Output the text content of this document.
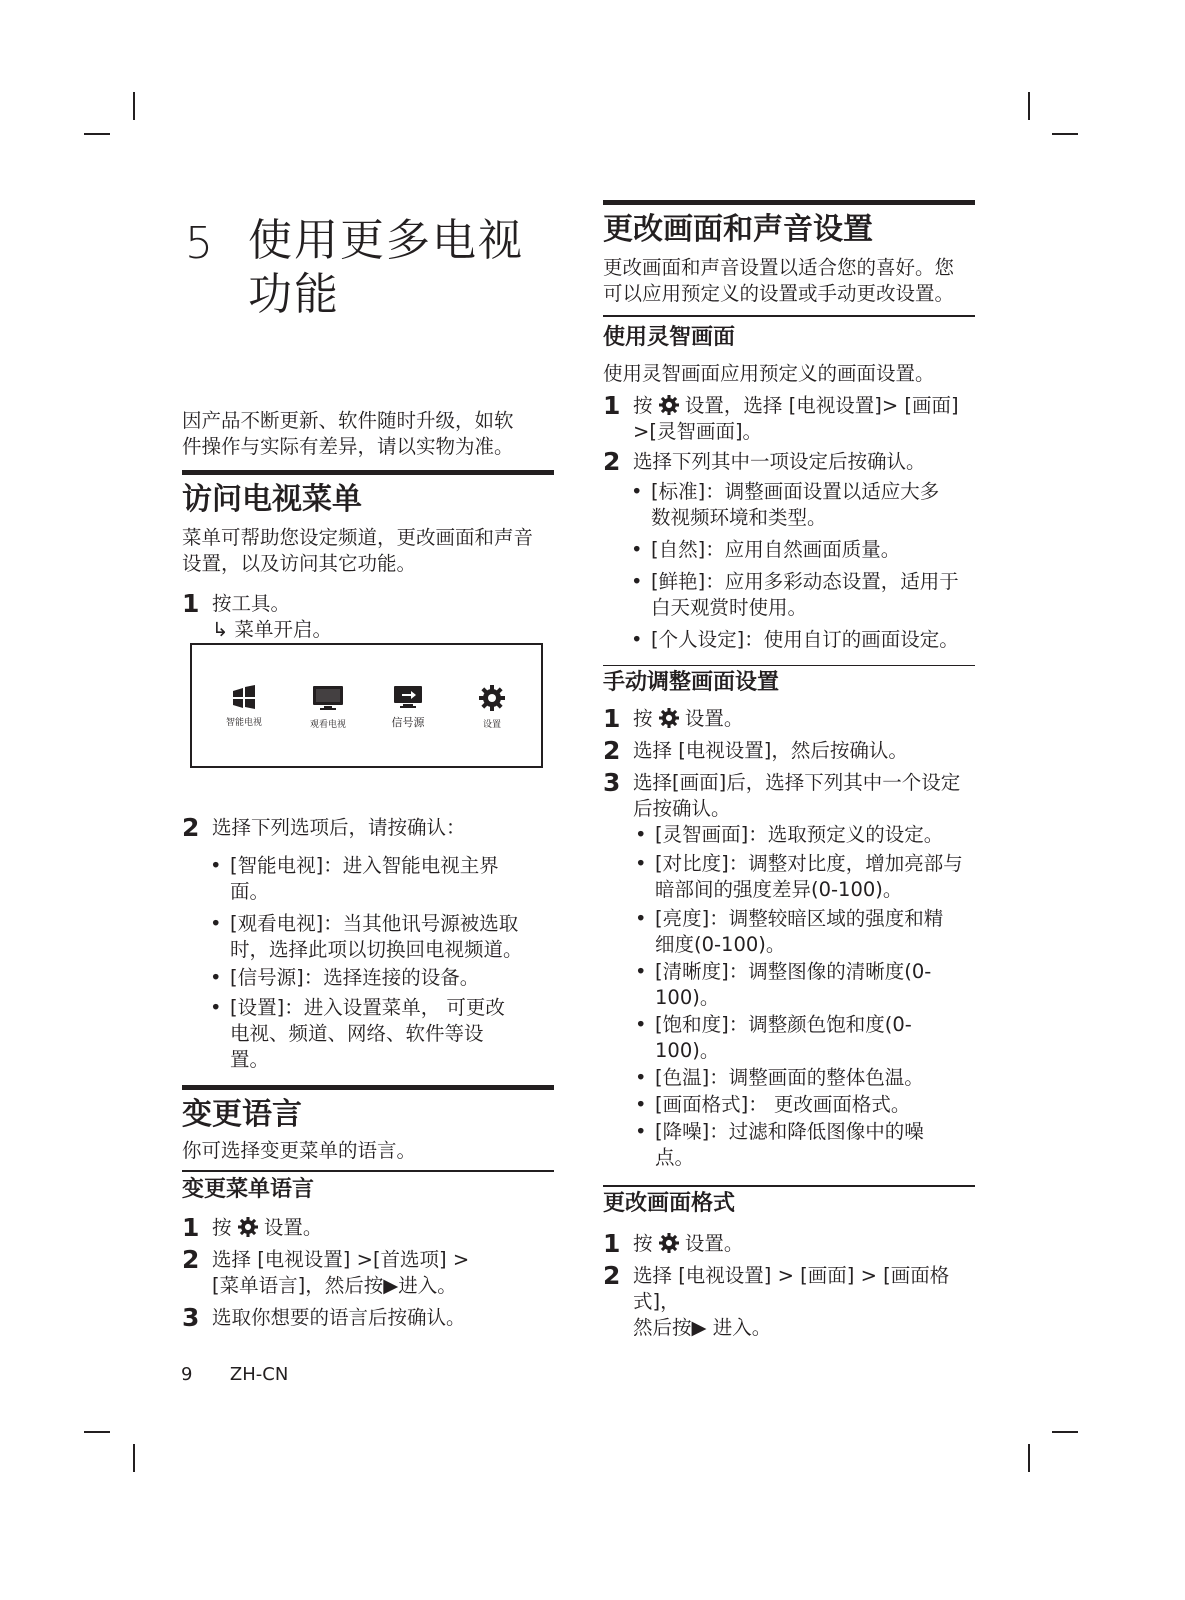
5 使用更多电视
功能

因产品不断更新、软件随时升级，如软
件操作与实际有差异，请以实物为准。

访问电视菜单

菜单可帮助您设定频道，更改画面和声音
设置，以及访问其它功能。

1 按工具。
↳ 菜单开启。
智能电视	观看电视	信号源	设置
2 选择下列选项后，请按确认：
• [智能电视]：进入智能电视主界
面。
• [观看电视]：当其他讯号源被选取
时，选择此项以切换回电视频道。
• [信号源]：选择连接的设备。
• [设置]：进入设置菜单， 可更改
电视、频道、网络、软件等设
置。
变更语言

你可选择变更菜单的语言。

变更菜单语言
1 按 设置。
2 选择 [电视设置] >[首选项] >
[菜单语言]，然后按▶进入。
3 选取你想要的语言后按确认。
更改画面和声音设置

更改画面和声音设置以适合您的喜好。您
可以应用预定义的设置或手动更改设置。

使用灵智画面

使用灵智画面应用预定义的画面设置。

1 按 设置，选择 [电视设置]> [画面]
>[灵智画面]。
2 选择下列其中一项设定后按确认。
• [标准]：调整画面设置以适应大多
数视频环境和类型。
• [自然]：应用自然画面质量。
• [鲜艳]：应用多彩动态设置，适用于
白天观赏时使用。
• [个人设定]：使用自订的画面设定。
手动调整画面设置
1 按 设置。
2 选择 [电视设置]，然后按确认。
3 选择[画面]后，选择下列其中一个设定
后按确认。
• [灵智画面]：选取预定义的设定。
• [对比度]：调整对比度，增加亮部与
暗部间的强度差异(0-100)。
• [亮度]：调整较暗区域的强度和精
细度(0-100)。
• [清晰度]：调整图像的清晰度(0-100)。
• [饱和度]：调整颜色饱和度(0-100)。
• [色温]：调整画面的整体色温。
• [画面格式]： 更改画面格式。
• [降噪]：过滤和降低图像中的噪
点。
更改画面格式
1 按 设置。
2 选择 [电视设置] > [画面] > [画面格式]，
然后按▶ 进入。
9 ZH-CN
